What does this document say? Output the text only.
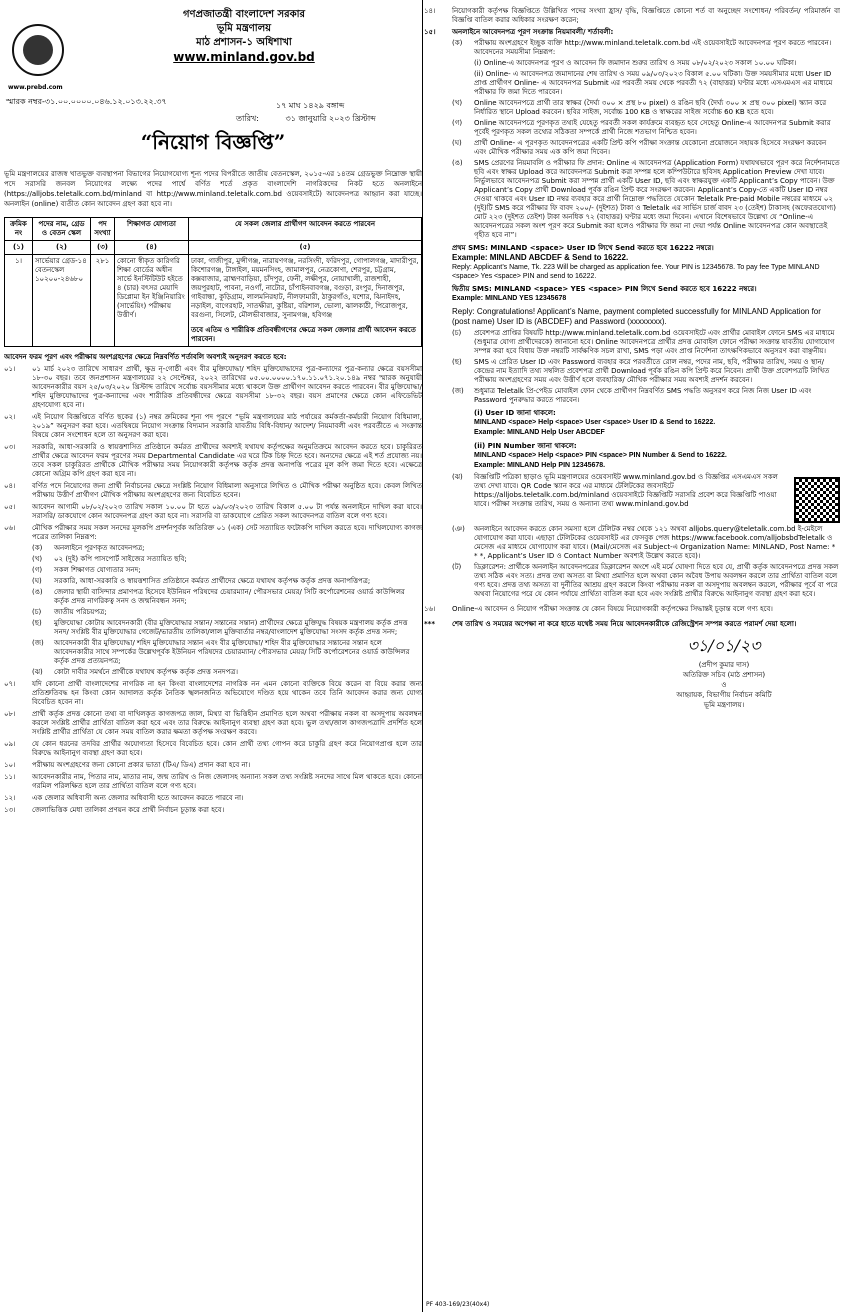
www.prebd.com
গণপ্রজাতন্ত্রী বাংলাদেশ সরকার
ভূমি মন্ত্রণালয়
মাঠ প্রশাসন-১ অধিশাখা
www.minland.gov.bd
স্মারক নম্বর-৩১.০০.০০০০.০৪৬.১২.০১৩.২২.৩৭	১৭ মাঘ ১৪২৯ বঙ্গাব্দ
তারিখ:	৩১ জানুয়ারি ২০২৩ খ্রিস্টাব্দ
“নিয়োগ বিজ্ঞপ্তি”
ভূমি মন্ত্রণালয়ের রাজস্ব খাতভুক্ত ব্যবস্থাপনা বিভাগের নিয়োগযোগ্য শূন্য পদের বিপরীতে জাতীয় বেতনস্কেল, ২০১৫-এর ১৪তম গ্রেডভুক্ত নিম্নোক্ত স্থায়ী পদে সরাসরি জনবল নিয়োগের লক্ষ্যে পদের পার্শ্বে বর্ণিত শর্তে প্রকৃত বাংলাদেশি নাগরিকদের নিকট হতে অনলাইনে (https://alljobs.teletalk.com.bd/minland বা http://www.minland.teletalk.com.bd ওয়েবসাইটে) আবেদনপত্র আহ্বান করা যাচ্ছে। অনলাইন (online) ব্যতীত কোন আবেদন গ্রহণ করা হবে না।
ক্রমিক নং	পদের নাম, গ্রেড ও বেতন স্কেল	পদ সংখ্যা	শিক্ষাগত যোগ্যতা	যে সকল জেলার প্রার্থীগণ আবেদন করতে পারবেন
(১)	(২)	(৩)	(৪)	(৫)
১।	সার্ভেয়ার গ্রেড-১৪ বেতনস্কেল ১০২০০-২৪৬৮০	২৮১	কোনো স্বীকৃত কারিগরি শিক্ষা বোর্ডের অধীন সার্ভে ইনস্টিটিউট হইতে ৪ (চার) বৎসর মেয়াদি ডিপ্লোমা ইন ইঞ্জিনিয়ারিং (সার্ভেয়িং) পরীক্ষায় উত্তীর্ণ।	ঢাকা, গাজীপুর, মুন্সীগঞ্জ, নারায়ণগঞ্জ, নরসিংদী, ফরিদপুর, গোপালগঞ্জ, মাদারীপুর, কিশোরগঞ্জ, টাঙ্গাইল, ময়মনসিংহ, জামালপুর, নেত্রকোণা, শেরপুর, চট্টগ্রাম, কক্সবাজার, ব্রাহ্মণবাড়িয়া, চাঁদপুর, ফেনী, লক্ষীপুর, নোয়াখালী, রাজশাহী, জয়পুরহাট, পাবনা, নওগাঁ, নাটোর, চাঁপাইনবাবগঞ্জ, বগুড়া, রংপুর, দিনাজপুর, গাইবান্ধা, কুড়িগ্রাম, লালমনিরহাট, নীলফামারী, ঠাকুরগাঁও, যশোর, ঝিনাইদহ, নড়াইল, বাগেরহাট, সাতক্ষীরা, কুষ্টিয়া, বরিশাল, ভোলা, ঝালকাঠী, পিরোজপুর, বরগুনা, সিলেট, মৌলভীবাজার, সুনামগঞ্জ, হবিগঞ্জ
তবে এতিম ও শারীরিক প্রতিবন্ধীগণের ক্ষেত্রে সকল জেলার প্রার্থী আবেদন করতে পারবেন।
আবেদন ফরম পূরণ এবং পরীক্ষায় অংশগ্রহণের ক্ষেত্রে নিম্নবর্ণিত শর্তাবলি অবশ্যই অনুসরণ করতে হবে:
০১।	০১ মার্চ ২০২৩ তারিখে সাধারণ প্রার্থী, ক্ষুদ্র নৃ-গোষ্ঠী এবং বীর মুক্তিযোদ্ধা/ শহিদ মুক্তিযোদ্ধাদের পুত্র-কন্যাদের পুত্র-কন্যার ক্ষেত্রে বয়সসীমা ১৮-৩০ বছর। তবে জনপ্রশাসন মন্ত্রণালয়ের ২২ সেপ্টেম্বর, ২০২২ তারিখের ০৫.০০.০০০০.১৭০.১১.০৭১.২০.১৪৯ নম্বর স্মারক অনুযায়ী আবেদনকারীর বয়স ২৫/০৩/২০২০ খ্রিস্টাব্দ তারিখে সর্বোচ্চ বয়সসীমার মধ্যে থাকলে উক্ত প্রার্থীগণ আবেদন করতে পারবেন। বীর মুক্তিযোদ্ধা/ শহিদ মুক্তিযোদ্ধাদের পুত্র-কন্যাদের এবং শারীরিক প্রতিবন্ধীদের ক্ষেত্রে বয়সসীমা ১৮-৩২ বছর। বয়স প্রমাণের ক্ষেত্রে কোন এফিডেভিট গ্রহণযোগ্য হবে না।
০২।	এই নিয়োগ বিজ্ঞপ্তিতে বর্ণিত ছকের (১) নম্বর ক্রমিকের শূন্য পদ পূরণে “ভূমি মন্ত্রণালয়ের মাঠ পর্যায়ের কর্মকর্তা-কর্মচারী নিয়োগ বিধিমালা, ২০১৯” অনুসরণ করা হবে। এতদ্বিষয়ে নিয়োগ সংক্রান্ত বিদ্যমান সরকারি যাবতীয় বিধি-বিধান/ আদেশ/ নিয়মাবলী এবং পরবর্তীতে এ সংক্রান্ত বিষয়ে কোন সংশোধন হলে তা অনুসরণ করা হবে।
০৩।	সরকারি, আধা-সরকারি ও স্বায়ত্তশাসিত প্রতিষ্ঠানে কর্মরত প্রার্থীদের অবশ্যই যথাযথ কর্তৃপক্ষের অনুমতিক্রমে আবেদন করতে হবে। চাকুরিরত প্রার্থীর ক্ষেত্রে আবেদন ফরম পূরণের সময় Departmental Candidate এর ঘরে টিক চিহ্ন দিতে হবে। অন্যদের ক্ষেত্রে এই শর্ত প্রযোজ্য নয়। তবে সকল চাকুরিরত প্রার্থীকে মৌখিক পরীক্ষার সময় নিয়োগকারী কর্তৃপক্ষ কর্তৃক প্রদত্ত অনাপত্তি পত্রের মূল কপি জমা দিতে হবে। এক্ষেত্রে কোনো অগ্রিম কপি গ্রহণ করা হবে না।
০৪।	বর্ণিত পদে নিয়োগের জন্য প্রার্থী নির্বাচনের ক্ষেত্রে সংশ্লিষ্ট নিয়োগ বিধিমালা অনুসারে লিখিত ও মৌখিক পরীক্ষা অনুষ্ঠিত হবে। কেবল লিখিত পরীক্ষায় উত্তীর্ণ প্রার্থীগণ মৌখিক পরীক্ষায় অংশগ্রহণের জন্য বিবেচিত হবেন।
০৫।	আবেদন আগামী ০৮/০২/২০২৩ তারিখ সকাল ১০.০০ টা হতে ০৯/০৩/২০২৩ তারিখ বিকাল ৫.০০ টা পর্যন্ত অনলাইনে দাখিল করা যাবে। সরাসরি/ ডাকযোগে কোন আবেদনপত্র গ্রহণ করা হবে না। সরাসরি বা ডাকযোগে প্রেরিত সকল আবেদনপত্র বাতিল বলে গণ্য হবে।
০৬।	মৌখিক পরীক্ষার সময় সকল সনদের মূলকপি প্রদর্শনপূর্বক অতিরিক্ত ০১ (এক) সেট সত্যায়িত ফটোকপি দাখিল করতে হবে। দাখিলযোগ্য কাগজ পত্রের তালিকা নিম্নরূপ:
(ক)	অনলাইনে পূরণকৃত আবেদনপত্র;
(খ)	০২ (দুই) কপি পাসপোর্ট সাইজের সত্যায়িত ছবি;
(গ)	সকল শিক্ষাগত যোগ্যতার সনদ;
(ঘ)	সরকারি, আধা-সরকারি ও স্বায়ত্তশাসিত প্রতিষ্ঠানে কর্মরত প্রার্থীদের ক্ষেত্রে যথাযথ কর্তৃপক্ষ কর্তৃক প্রদত্ত অনাপত্তিপত্র;
(ঙ)	জেলার স্থায়ী বাসিন্দার প্রমাণপত্র হিসেবে ইউনিয়ন পরিষদের চেয়ারম্যান/ পৌরসভার মেয়র/ সিটি কর্পোরেশনের ওয়ার্ড কাউন্সিলর কর্তৃক প্রদত্ত নাগরিকত্ব সনদ ও জন্মনিবন্ধন সনদ;
(চ)	জাতীয় পরিচয়পত্র;
(ছ)	মুক্তিযোদ্ধা কোটায় আবেদনকারী (বীর মুক্তিযোদ্ধার সন্তান/ সন্তানের সন্তান) প্রার্থীদের ক্ষেত্রে মুক্তিযুদ্ধ বিষয়ক মন্ত্রণালয় কর্তৃক প্রদত্ত সনদ/ সংশ্লিষ্ট বীর মুক্তিযোদ্ধার গেজেট/ভারতীয় তালিকা/লাল মুক্তিবার্তার নম্বর/বাংলাদেশ মুক্তিযোদ্ধা সংসদ কর্তৃক প্রদত্ত সনদ;
(জ)	আবেদনকারী বীর মুক্তিযোদ্ধা/ শহিদ মুক্তিযোদ্ধার সন্তান এবং বীর মুক্তিযোদ্ধা/ শহিদ বীর মুক্তিযোদ্ধার সন্তানের সন্তান হলে আবেদনকারীর সাথে সম্পর্কের উল্লেখপূর্বক ইউনিয়ন পরিষদের চেয়ারম্যান/ পৌরসভার মেয়র/ সিটি কর্পোরেশনের ওয়ার্ড কাউন্সিলর কর্তৃক প্রদত্ত প্রত্যয়নপত্র;
(ঝ)	কোটা দাবীর সমর্থনে প্রার্থীকে যথাযথ কর্তৃপক্ষ কর্তৃক প্রদত্ত সনদপত্র।
০৭।	যদি কোনো প্রার্থী বাংলাদেশের নাগরিক না হন কিংবা বাংলাদেশের নাগরিক নন এমন কোনো ব্যক্তিকে বিয়ে করেন বা বিয়ে করার জন্য প্রতিশ্রুতিবদ্ধ হন কিংবা কোন আদালত কর্তৃক নৈতিক স্খলনজনিত অভিযোগে দণ্ডিত হয়ে থাকেন তবে তিনি আবেদন করার জন্য যোগ্য বিবেচিত হবেন না।
০৮।	প্রার্থী কর্তৃক প্রদত্ত কোনো তথ্য বা দাখিলকৃত কাগজপত্র জাল, মিথ্যা বা ভিত্তিহীন প্রমাণিত হলে অথবা পরীক্ষায় নকল বা অসদুপায় অবলম্বন করলে সংশ্লিষ্ট প্রার্থীর প্রার্থিতা বাতিল করা হবে এবং তার বিরুদ্ধে আইনানুগ ব্যবস্থা গ্রহণ করা হবে। ভুল তথ্য/জাল কাগজপত্রাদি প্রদর্শিত হলে সংশ্লিষ্ট প্রার্থীর প্রার্থিতা যে কোন সময় বাতিল করার ক্ষমতা কর্তৃপক্ষ সংরক্ষণ করবে।
০৯।	যে কোন ধরনের তদবির প্রার্থীর অযোগ্যতা হিসেবে বিবেচিত হবে। কোন প্রার্থী তথ্য গোপন করে চাকুরি গ্রহণ করে নিয়োগপ্রাপ্ত হলে তার বিরুদ্ধে আইনানুগ ব্যবস্থা গ্রহণ করা হবে।
১০।	পরীক্ষায় অংশগ্রহণের জন্য কোনো প্রকার ভাতা (টিএ/ ডিএ) প্রদান করা হবে না।
১১।	আবেদনকারীর নাম, পিতার নাম, মাতার নাম, জন্ম তারিখ ও নিজ জেলাসহ অন্যান্য সকল তথ্য সংশ্লিষ্ট সনদের সাথে মিল থাকতে হবে। কোনো গরমিল পরিলক্ষিত হলে তার প্রার্থিতা বাতিল বলে গণ্য হবে।
১২।	এক জেলার অধিবাসী অন্য জেলার অধিবাসী হতে আবেদন করতে পারবে না।
১৩।	জেলাভিত্তিক মেধা তালিকা প্রণয়ন করে প্রার্থী নির্বাচন চূড়ান্ত করা হবে।
১৪।	নিয়োগকারী কর্তৃপক্ষ বিজ্ঞপ্তিতে উল্লিখিত পদের সংখ্যা হ্রাস/ বৃদ্ধি, বিজ্ঞপ্তিতে কোনো শর্ত বা অনুচ্ছেদ সংশোধন/ পরিবর্তন/ পরিমার্জন বা বিজ্ঞপ্তি বাতিল করার অধিকার সংরক্ষণ করেন;
১৫।	অনলাইনে আবেদনপত্র পূরণ সংক্রান্ত নিয়মাবলী/ শর্তাবলী:
(ক)	পরীক্ষায় অংশগ্রহণে ইচ্ছুক ব্যক্তি http://www.minland.teletalk.com.bd এই ওয়েবসাইটে আবেদনপত্র পূরণ করতে পারবেন। আবেদনের সময়সীমা নিম্নরূপ:
(i) Online-এ আবেদনপত্র পূরণ ও আবেদন ফি জমাদান শুরুর তারিখ ও সময় ০৮/০২/২০২৩ সকাল ১০.০০ ঘটিকা।
(ii) Online- এ আবেদনপত্র জমাদানের শেষ তারিখ ও সময় ০৯/০৩/২০২৩ বিকাল ৫.০০ ঘটিকা। উক্ত সময়সীমার মধ্যে User ID প্রাপ্ত প্রার্থীগণ Online- এ আবেদনপত্র Submit এর পরবর্তী সময় থেকে পরবর্তী ৭২ (বাহাত্তর) ঘণ্টার মধ্যে এসএমএস এর মাধ্যমে পরীক্ষার ফি জমা দিতে পারবেন।
(খ)	Online আবেদনপত্রে প্রার্থী তার স্বাক্ষর (দৈর্ঘ্য ৩০০ × প্রস্থ ৮০ pixel) ও রঙিন ছবি (দৈর্ঘ্য ৩০০ × প্রস্থ ৩০০ pixel) স্ক্যান করে নির্ধারিত স্থানে Upload করবেন। ছবির সাইজ, সর্বোচ্চ 100 KB ও স্বাক্ষরের সাইজ সর্বোচ্চ 60 KB হতে হবে।
(গ)	Online আবেদনপত্রে পূরণকৃত তথ্যই যেহেতু পরবর্তী সকল কার্যক্রমে ব্যবহৃত হবে সেহেতু Online-এ আবেদনপত্র Submit করার পূর্বেই পূরণকৃত সকল তথ্যের সঠিকতা সম্পর্কে প্রার্থী নিজে শতভাগ নিশ্চিত হবেন।
(ঘ)	প্রার্থী Online- এ পূরণকৃত আবেদনপত্রের একটি প্রিন্ট কপি পরীক্ষা সংক্রান্ত যেকোনো প্রয়োজনে সহায়ক হিসেবে সংরক্ষণ করবেন এবং মৌখিক পরীক্ষার সময় এক কপি জমা দিবেন।
(ঙ)	SMS প্রেরণের নিয়মাবলি ও পরীক্ষার ফি প্রদান: Online এ আবেদনপত্র (Application Form) যথাযথভাবে পূরণ করে নির্দেশনামতে ছবি এবং স্বাক্ষর Upload করে আবেদনপত্র Submit করা সম্পন্ন হলে কম্পিউটারে ছবিসহ Application Preview দেখা যাবে। নির্ভুলভাবে আবেদনপত্র Submit করা সম্পন্ন প্রার্থী একটি User ID, ছবি এবং স্বাক্ষরযুক্ত একটি Applicant’s Copy পাবেন। উক্ত Applicant’s Copy প্রার্থী Download পূর্বক রঙিন প্রিন্ট করে সংরক্ষণ করবেন। Applicant’s Copy-তে একটি User ID নম্বর দেওয়া থাকবে এবং User ID নম্বর ব্যবহার করে প্রার্থী নিম্নোক্ত পদ্ধতিতে যেকোন Teletalk Pre-paid Mobile নম্বরের মাধ্যমে ০২ (দুই)টি SMS করে পরীক্ষার ফি বাবদ ২০০/- (দুইশত) টাকা ও Teletalk এর সার্ভিস চার্জ বাবদ ২৩ (তেইশ) টাকাসহ (অফেরতযোগ্য) মোট ২২৩ (দুইশত তেইশ) টাকা অনধিক ৭২ (বাহাত্তর) ঘণ্টার মধ্যে জমা দিবেন। এখানে বিশেষভাবে উল্লেখ্য যে “Online-এ আবেদনপত্রের সকল অংশ পূরণ করে Submit করা হলেও পরীক্ষার ফি জমা না দেয়া পর্যন্ত Online আবেদনপত্র কোন অবস্থাতেই গৃহীত হবে না”।
প্রথম SMS: MINLAND <space> User ID লিখে Send করতে হবে 16222 নম্বরে।
Example: MINLAND ABCDEF & Send to 16222.
Reply: Applicant’s Name, Tk. 223 Will be charged as application fee. Your PIN is 12345678. To pay fee Type MINLAND <space> Yes <space> PIN and send to 16222.
দ্বিতীয় SMS: MINLAND <space> YES <space> PIN লিখে Send করতে হবে 16222 নম্বরে।
Example: MINLAND YES 12345678
Reply: Congratulations! Applicant’s Name, payment completed successfully for MINLAND Application for (post name) User ID is (ABCDEF) and Password (xxxxxxxx).
(চ)	প্রবেশপত্র প্রাপ্তির বিষয়টি http://www.minland.teletalk.com.bd ওয়েবসাইটে এবং প্রার্থীর মোবাইল ফোনে SMS এর মাধ্যমে (শুধুমাত্র যোগ্য প্রার্থীদেরকে) জানানো হবে। Online আবেদনপত্রে প্রার্থীর প্রদত্ত মোবাইল ফোনে পরীক্ষা সংক্রান্ত যাবতীয় যোগাযোগ সম্পন্ন করা হবে বিধায় উক্ত নম্বরটি সার্বক্ষণিক সচল রাখা, SMS পড়া এবং প্রাপ্ত নির্দেশনা তাৎক্ষণিকভাবে অনুসরণ করা বাঞ্ছনীয়।
(ছ)	SMS এ প্রেরিত User ID এবং Password ব্যবহার করে পরবর্তীতে রোল নম্বর, পদের নাম, ছবি, পরীক্ষার তারিখ, সময় ও স্থান/ কেন্দ্রের নাম ইত্যাদি তথ্য সম্বলিত প্রবেশপত্র প্রার্থী Download পূর্বক রঙিন কপি প্রিন্ট করে নিবেন। প্রার্থী উক্ত প্রবেশপত্রটি লিখিত পরীক্ষায় অংশগ্রহণের সময় এবং উত্তীর্ণ হলে ব্যবহারিক/ মৌখিক পরীক্ষার সময় অবশ্যই প্রদর্শন করবেন।
(জ)	শুধুমাত্র Teletalk প্রি-পেইড মোবাইল ফোন থেকে প্রার্থীগণ নিম্নবর্ণিত SMS পদ্ধতি অনুসরণ করে নিজ নিজ User ID এবং Password পুনরুদ্ধার করতে পারবেন।
(i) User ID জানা থাকলে:
MINLAND <space> Help <space> User <space> User ID & Send to 16222.
Example: MINLAND Help User ABCDEF
(ii) PIN Number জানা থাকলে:
MINLAND <space> Help <space> PIN <space> PIN Number & Send to 16222.
Example: MINLAND Help PIN 12345678.
(ঝ)	বিজ্ঞপ্তিটি পত্রিকা ছাড়াও ভূমি মন্ত্রণালয়ের ওয়েবসাইট www.minland.gov.bd ও বিজ্ঞপ্তির এসএমএস সকল তথ্য দেখা যাবে। QR Code স্ক্যান করে এর মাধ্যমে টেলিটকের জবসাইটে https://alljobs.teletalk.com.bd/minland ওয়েবসাইটে বিজ্ঞপ্তিটি সরাসরি প্রবেশ করে বিজ্ঞপ্তিটি পাওয়া যাবে। পরীক্ষা সংক্রান্ত তারিখ, সময় ও অন্যান্য তথ্য www.minland.gov.bd
(ঞ)	অনলাইনে আবেদন করতে কোন সমস্যা হলে টেলিটক নম্বর থেকে ১২১ অথবা alljobs.query@teletalk.com.bd ই-মেইলে যোগাযোগ করা যাবে। এছাড়া টেলিটকের ওয়েবসাইট এর ফেসবুক পেজ https://www.facebook.com/alljobsbdTeletalk ও মেসেজ এর মাধ্যমে যোগাযোগ করা যাবে। (Mail/মেসেজ এর Subject-এ Organization Name: MINLAND, Post Name: * * *, Applicant’s User ID ও Contact Number অবশ্যই উল্লেখ করতে হবে)।
(ট)	ডিক্লারেশন: প্রার্থীকে অনলাইন আবেদনপত্রের ডিক্লারেশন অংশে এই মর্মে ঘোষণা দিতে হবে যে, প্রার্থী কর্তৃক আবেদনপত্রে প্রদত্ত সকল তথ্য সঠিক এবং সত্য। প্রদত্ত তথ্য অসত্য বা মিথ্যা প্রমাণিত হলে অথবা কোন অবৈধ উপায় অবলম্বন করলে তার প্রার্থিতা বাতিল বলে গণ্য হবে। প্রদত্ত তথ্য অসত্য বা দুর্নীতির আশ্রয় গ্রহণ করলে কিংবা পরীক্ষায় নকল বা অসদুপায় অবলম্বন করলে, পরীক্ষার পূর্বে বা পরে অথবা নিয়োগের পরে যে কোন পর্যায়ে প্রার্থিতা বাতিল করা হবে এবং সংশ্লিষ্ট প্রার্থীর বিরুদ্ধে আইনানুগ ব্যবস্থা গ্রহণ করা হবে।
১৬।	Online-এ আবেদন ও নিয়োগ পরীক্ষা সংক্রান্ত যে কোন বিষয়ে নিয়োগকারী কর্তৃপক্ষের সিদ্ধান্তই চূড়ান্ত বলে গণ্য হবে।
***	শেষ তারিখ ও সময়ের অপেক্ষা না করে হাতে যথেষ্ট সময় নিয়ে আবেদনকারীকে রেজিস্ট্রেশন সম্পন্ন করতে পরামর্শ দেয়া হলো।
৩১/০১/২৩
(প্রদীপ কুমার দাস)
অতিরিক্ত সচিব (মাঠ প্রশাসন)
ও
আহ্বায়ক, বিভাগীয় নির্বাচন কমিটি
ভূমি মন্ত্রণালয়।
PF 403-169/23(40x4)
